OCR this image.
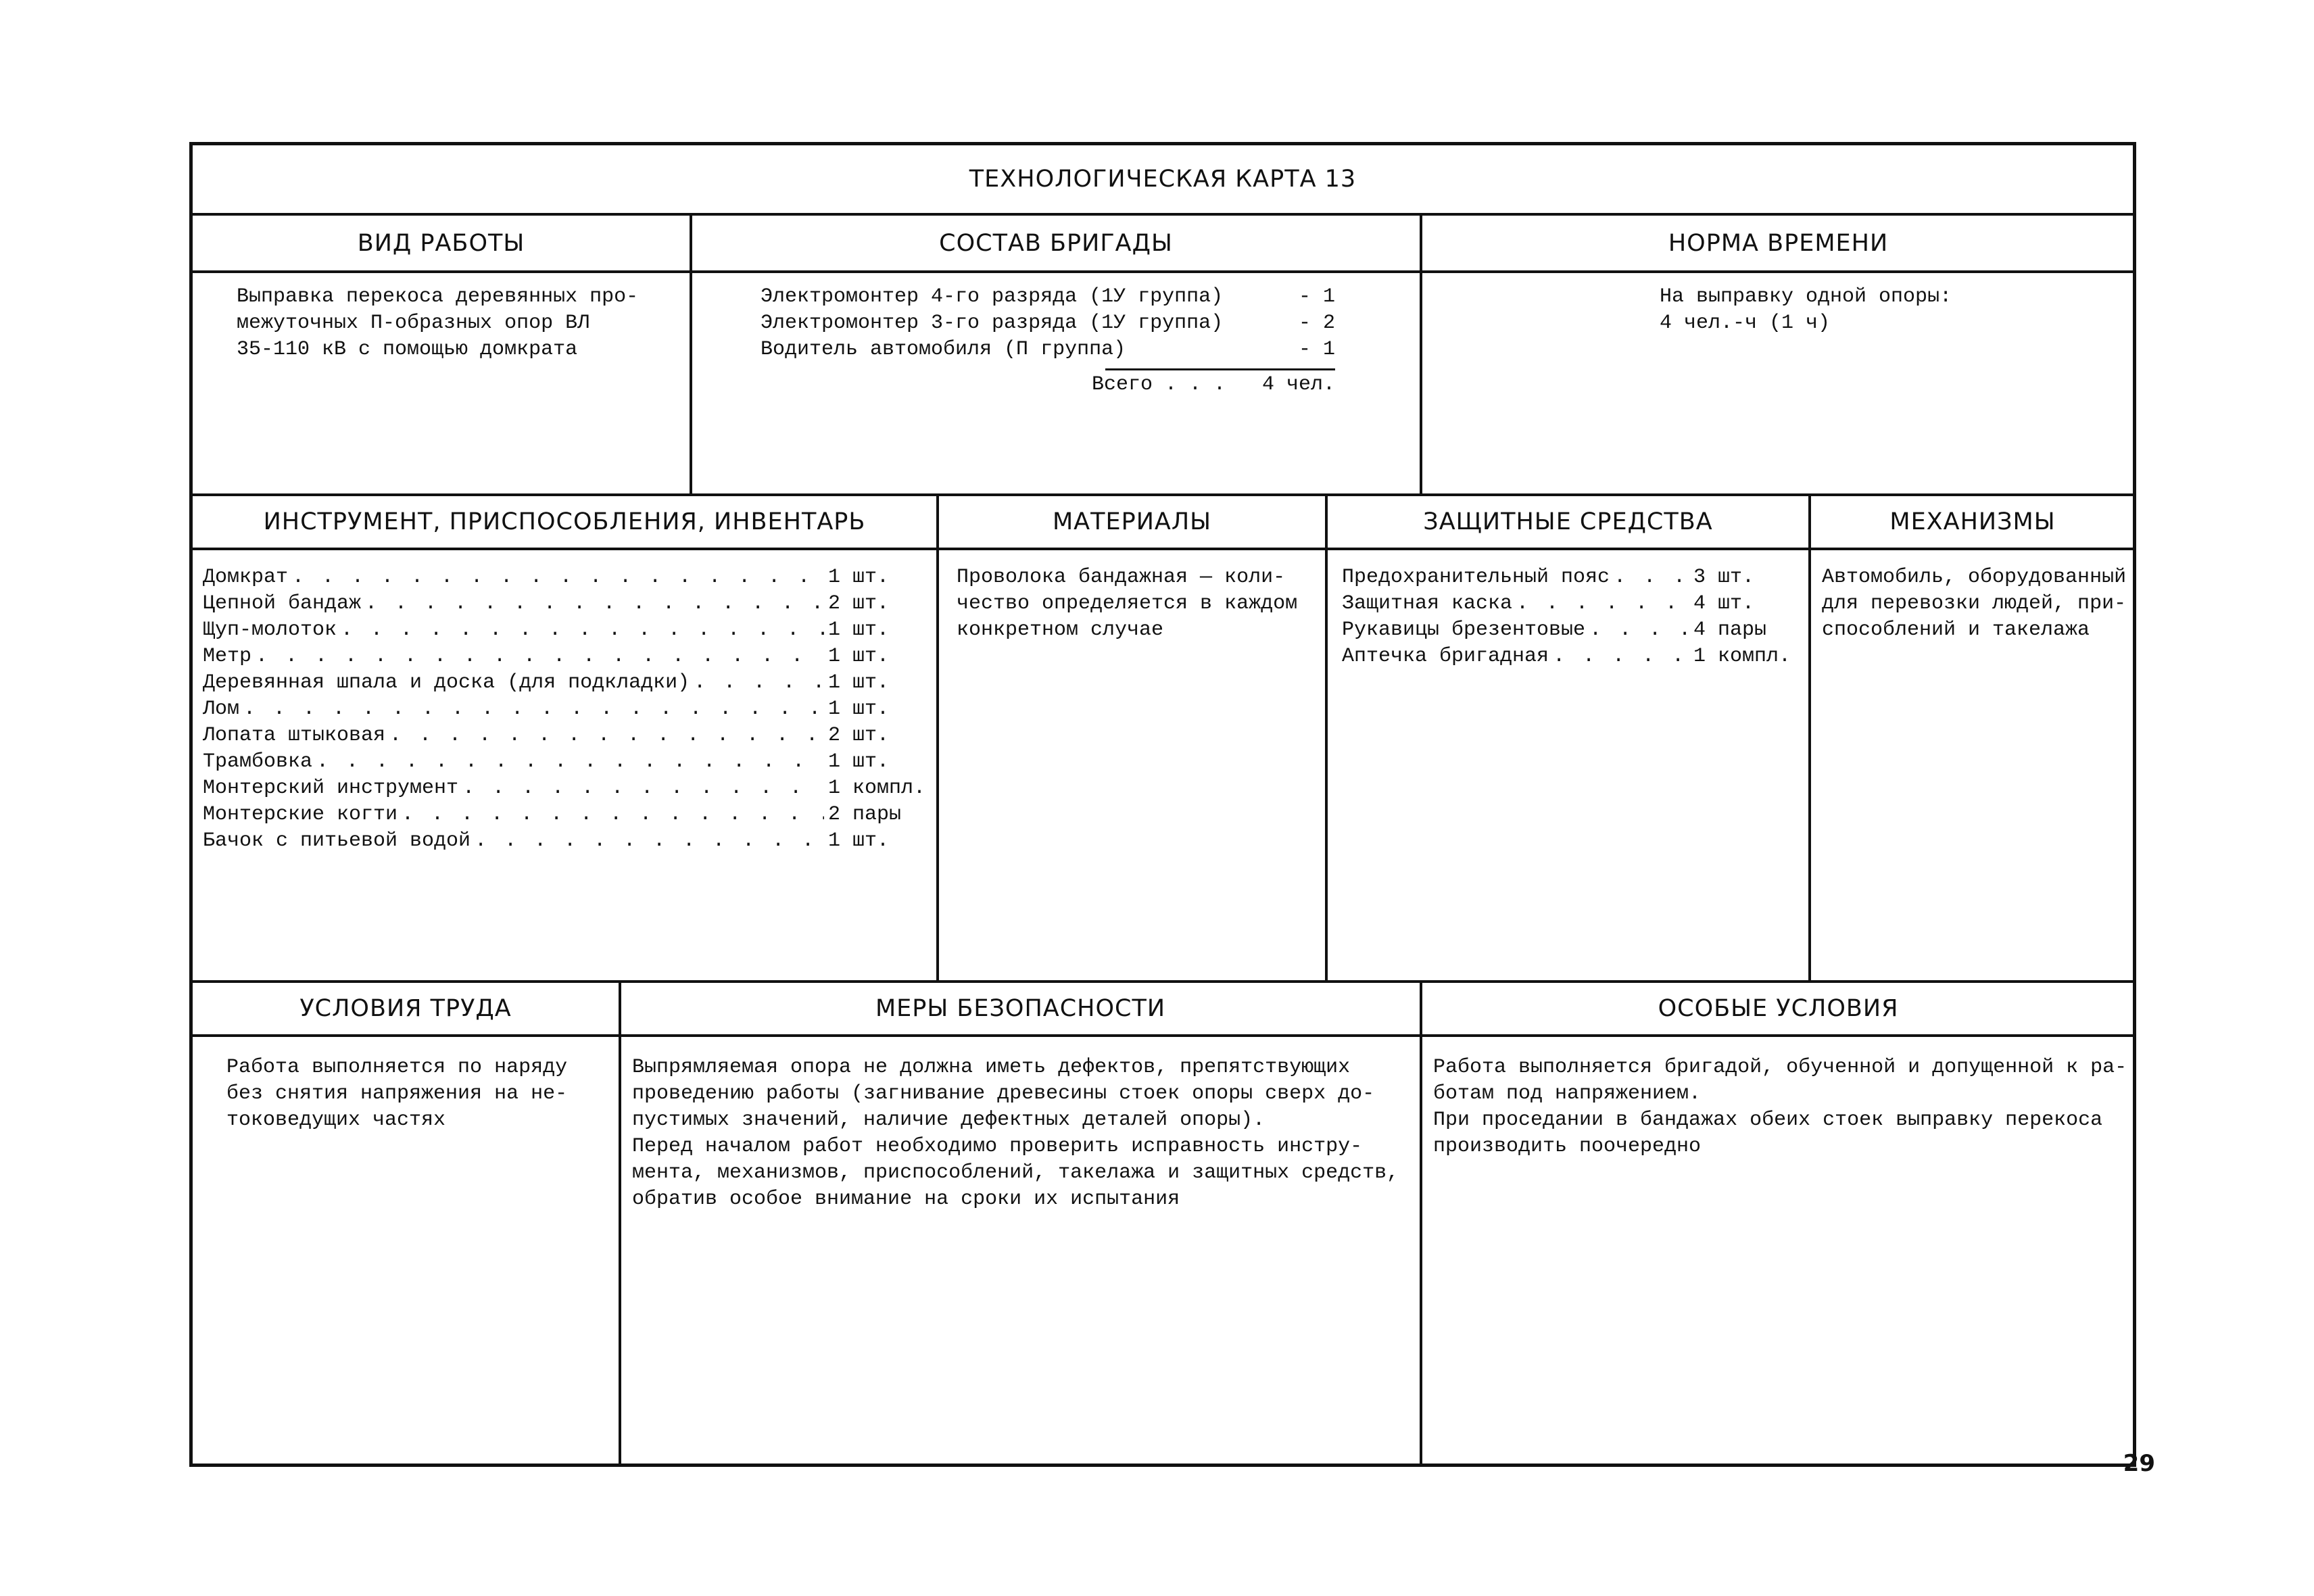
ТЕХНОЛОГИЧЕСКАЯ КАРТА 13
ВИД РАБОТЫ	СОСТАВ БРИГАДЫ	НОРМА ВРЕМЕНИ
Выправка перекоса деревянных про-
межуточных П-образных опор ВЛ
35-110 кВ с помощью домкрата
Электромонтер 4-го разряда (1У группа)	- 1
Электромонтер 3-го разряда (1У группа)	- 2
Водитель автомобиля (П группа)	- 1
Всего . . .   4 чел.
На выправку одной опоры:
4 чел.-ч (1 ч)
ИНСТРУМЕНТ, ПРИСПОСОБЛЕНИЯ, ИНВЕНТАРЬ	МАТЕРИАЛЫ	ЗАЩИТНЫЕ СРЕДСТВА	МЕХАНИЗМЫ
Домкрат . . .	1 шт.
Цепной бандаж . . .	2 шт.
Щуп-молоток . . .	1 шт.
Метр . . .	1 шт.
Деревянная шпала и доска (для подкладки) . . .	1 шт.
Лом . . .	1 шт.
Лопата штыковая . . .	2 шт.
Трамбовка . . .	1 шт.
Монтерский инструмент . . .	1 компл.
Монтерские когти . . .	2 пары
Бачок с питьевой водой . . .	1 шт.
Проволока бандажная — коли-
чество определяется в каждом
конкретном случае
Предохранительный пояс . . .	3 шт.
Защитная каска . . .	4 шт.
Рукавицы брезентовые . . .	4 пары
Аптечка бригадная . . .	1 компл.
Автомобиль, оборудованный
для перевозки людей, при-
способлений и такелажа
УСЛОВИЯ ТРУДА	МЕРЫ БЕЗОПАСНОСТИ	ОСОБЫЕ УСЛОВИЯ
Работа выполняется по наряду
без снятия напряжения на не-
токоведущих частях
Выпрямляемая опора не должна иметь дефектов, препятствующих
проведению работы (загнивание древесины стоек опоры сверх до-
пустимых значений, наличие дефектных деталей опоры).
Перед началом работ необходимо проверить исправность инстру-
мента, механизмов, приспособлений, такелажа и защитных средств,
обратив особое внимание на сроки их испытания
Работа выполняется бригадой, обученной и допущенной к ра-
ботам под напряжением.
При проседании в бандажах обеих стоек выправку перекоса
производить поочередно
29
